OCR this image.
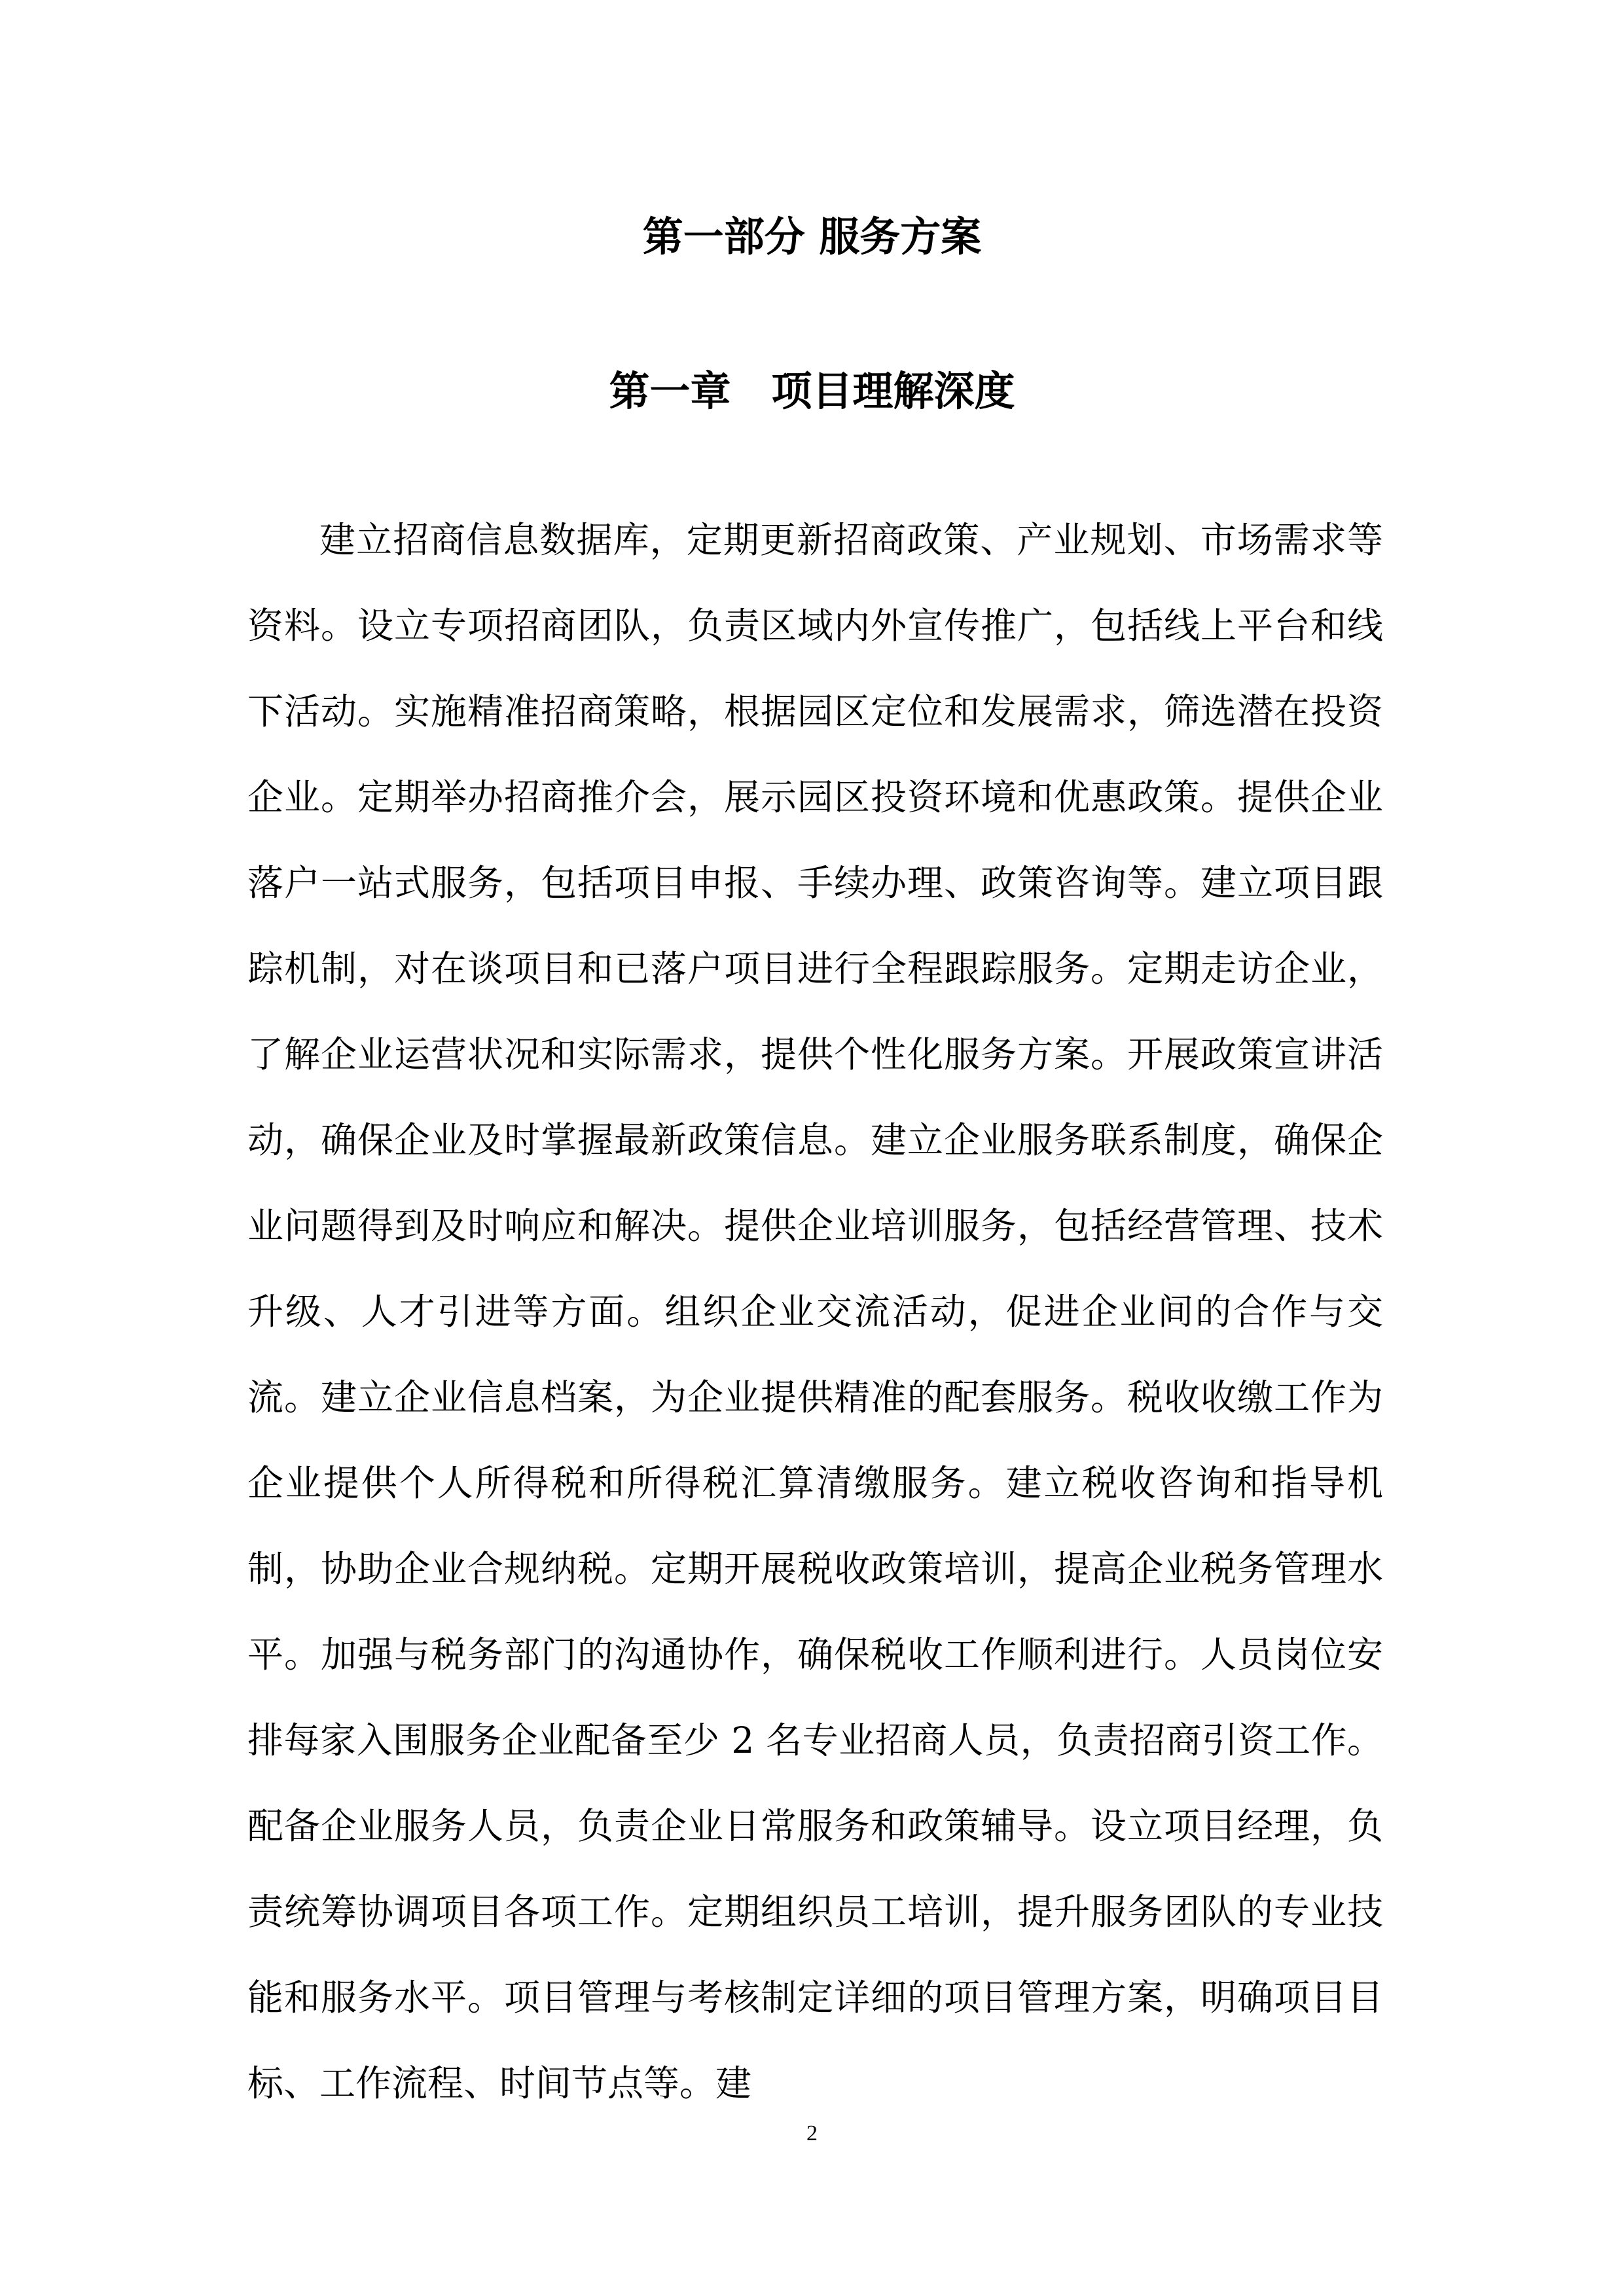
第一部分 服务方案
第一章　项目理解深度

建立招商信息数据库，定期更新招商政策、产业规划、市场需求等资料。设立专项招商团队，负责区域内外宣传推广，包括线上平台和线下活动。实施精准招商策略，根据园区定位和发展需求，筛选潜在投资企业。定期举办招商推介会，展示园区投资环境和优惠政策。提供企业落户一站式服务，包括项目申报、手续办理、政策咨询等。建立项目跟踪机制，对在谈项目和已落户项目进行全程跟踪服务。定期走访企业，了解企业运营状况和实际需求，提供个性化服务方案。开展政策宣讲活动，确保企业及时掌握最新政策信息。建立企业服务联系制度，确保企业问题得到及时响应和解决。提供企业培训服务，包括经营管理、技术升级、人才引进等方面。组织企业交流活动，促进企业间的合作与交流。建立企业信息档案，为企业提供精准的配套服务。税收收缴工作为企业提供个人所得税和所得税汇算清缴服务。建立税收咨询和指导机制，协助企业合规纳税。定期开展税收政策培训，提高企业税务管理水平。加强与税务部门的沟通协作，确保税收工作顺利进行。人员岗位安排每家入围服务企业配备至少 2 名专业招商人员，负责招商引资工作。配备企业服务人员，负责企业日常服务和政策辅导。设立项目经理，负责统筹协调项目各项工作。定期组织员工培训，提升服务团队的专业技能和服务水平。项目管理与考核制定详细的项目管理方案，明确项目目标、工作流程、时间节点等。建

2
